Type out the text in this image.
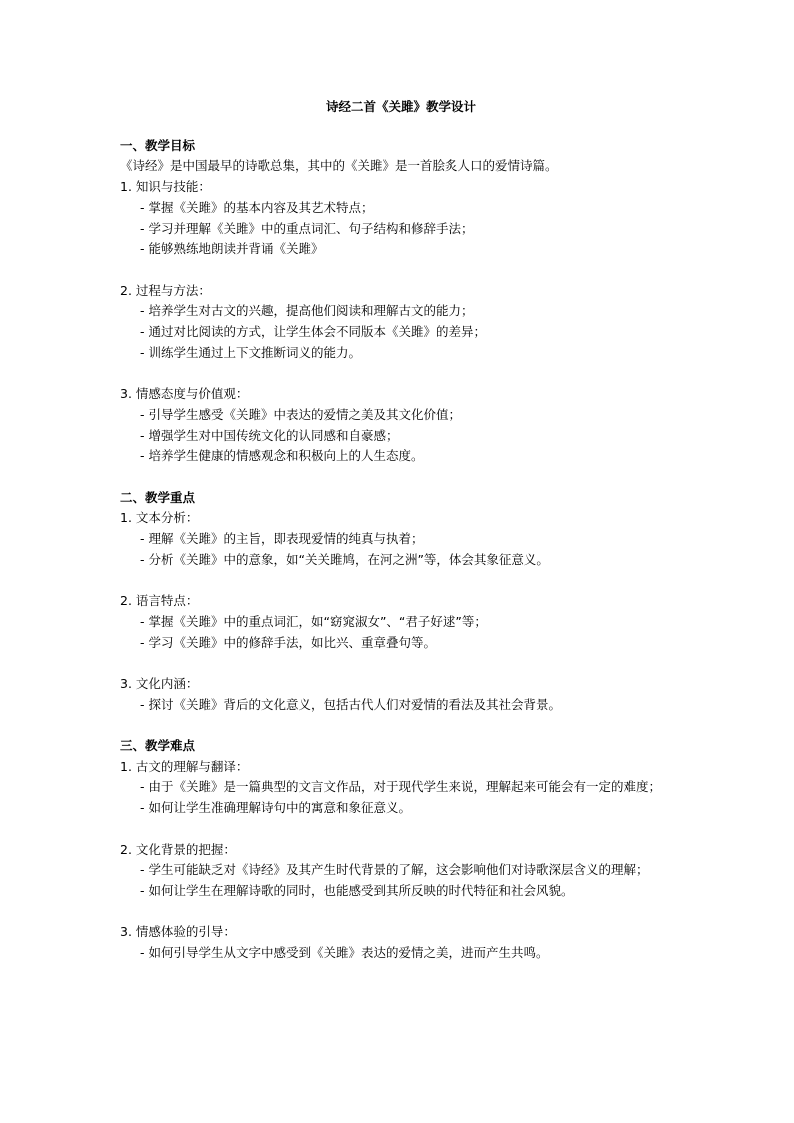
诗经二首《关雎》教学设计
一、教学目标
《诗经》是中国最早的诗歌总集，其中的《关雎》是一首脍炙人口的爱情诗篇。
1. 知识与技能：
- 掌握《关雎》的基本内容及其艺术特点；
- 学习并理解《关雎》中的重点词汇、句子结构和修辞手法；
- 能够熟练地朗读并背诵《关雎》
2. 过程与方法：
- 培养学生对古文的兴趣，提高他们阅读和理解古文的能力；
- 通过对比阅读的方式，让学生体会不同版本《关雎》的差异；
- 训练学生通过上下文推断词义的能力。
3. 情感态度与价值观：
- 引导学生感受《关雎》中表达的爱情之美及其文化价值；
- 增强学生对中国传统文化的认同感和自豪感；
- 培养学生健康的情感观念和积极向上的人生态度。
二、教学重点
1. 文本分析：
- 理解《关雎》的主旨，即表现爱情的纯真与执着；
- 分析《关雎》中的意象，如“关关雎鸠，在河之洲”等，体会其象征意义。
2. 语言特点：
- 掌握《关雎》中的重点词汇，如“窈窕淑女”、“君子好逑”等；
- 学习《关雎》中的修辞手法，如比兴、重章叠句等。
3. 文化内涵：
- 探讨《关雎》背后的文化意义，包括古代人们对爱情的看法及其社会背景。
三、教学难点
1. 古文的理解与翻译：
- 由于《关雎》是一篇典型的文言文作品，对于现代学生来说，理解起来可能会有一定的难度；
- 如何让学生准确理解诗句中的寓意和象征意义。
2. 文化背景的把握：
- 学生可能缺乏对《诗经》及其产生时代背景的了解，这会影响他们对诗歌深层含义的理解；
- 如何让学生在理解诗歌的同时，也能感受到其所反映的时代特征和社会风貌。
3. 情感体验的引导：
- 如何引导学生从文字中感受到《关雎》表达的爱情之美，进而产生共鸣。
